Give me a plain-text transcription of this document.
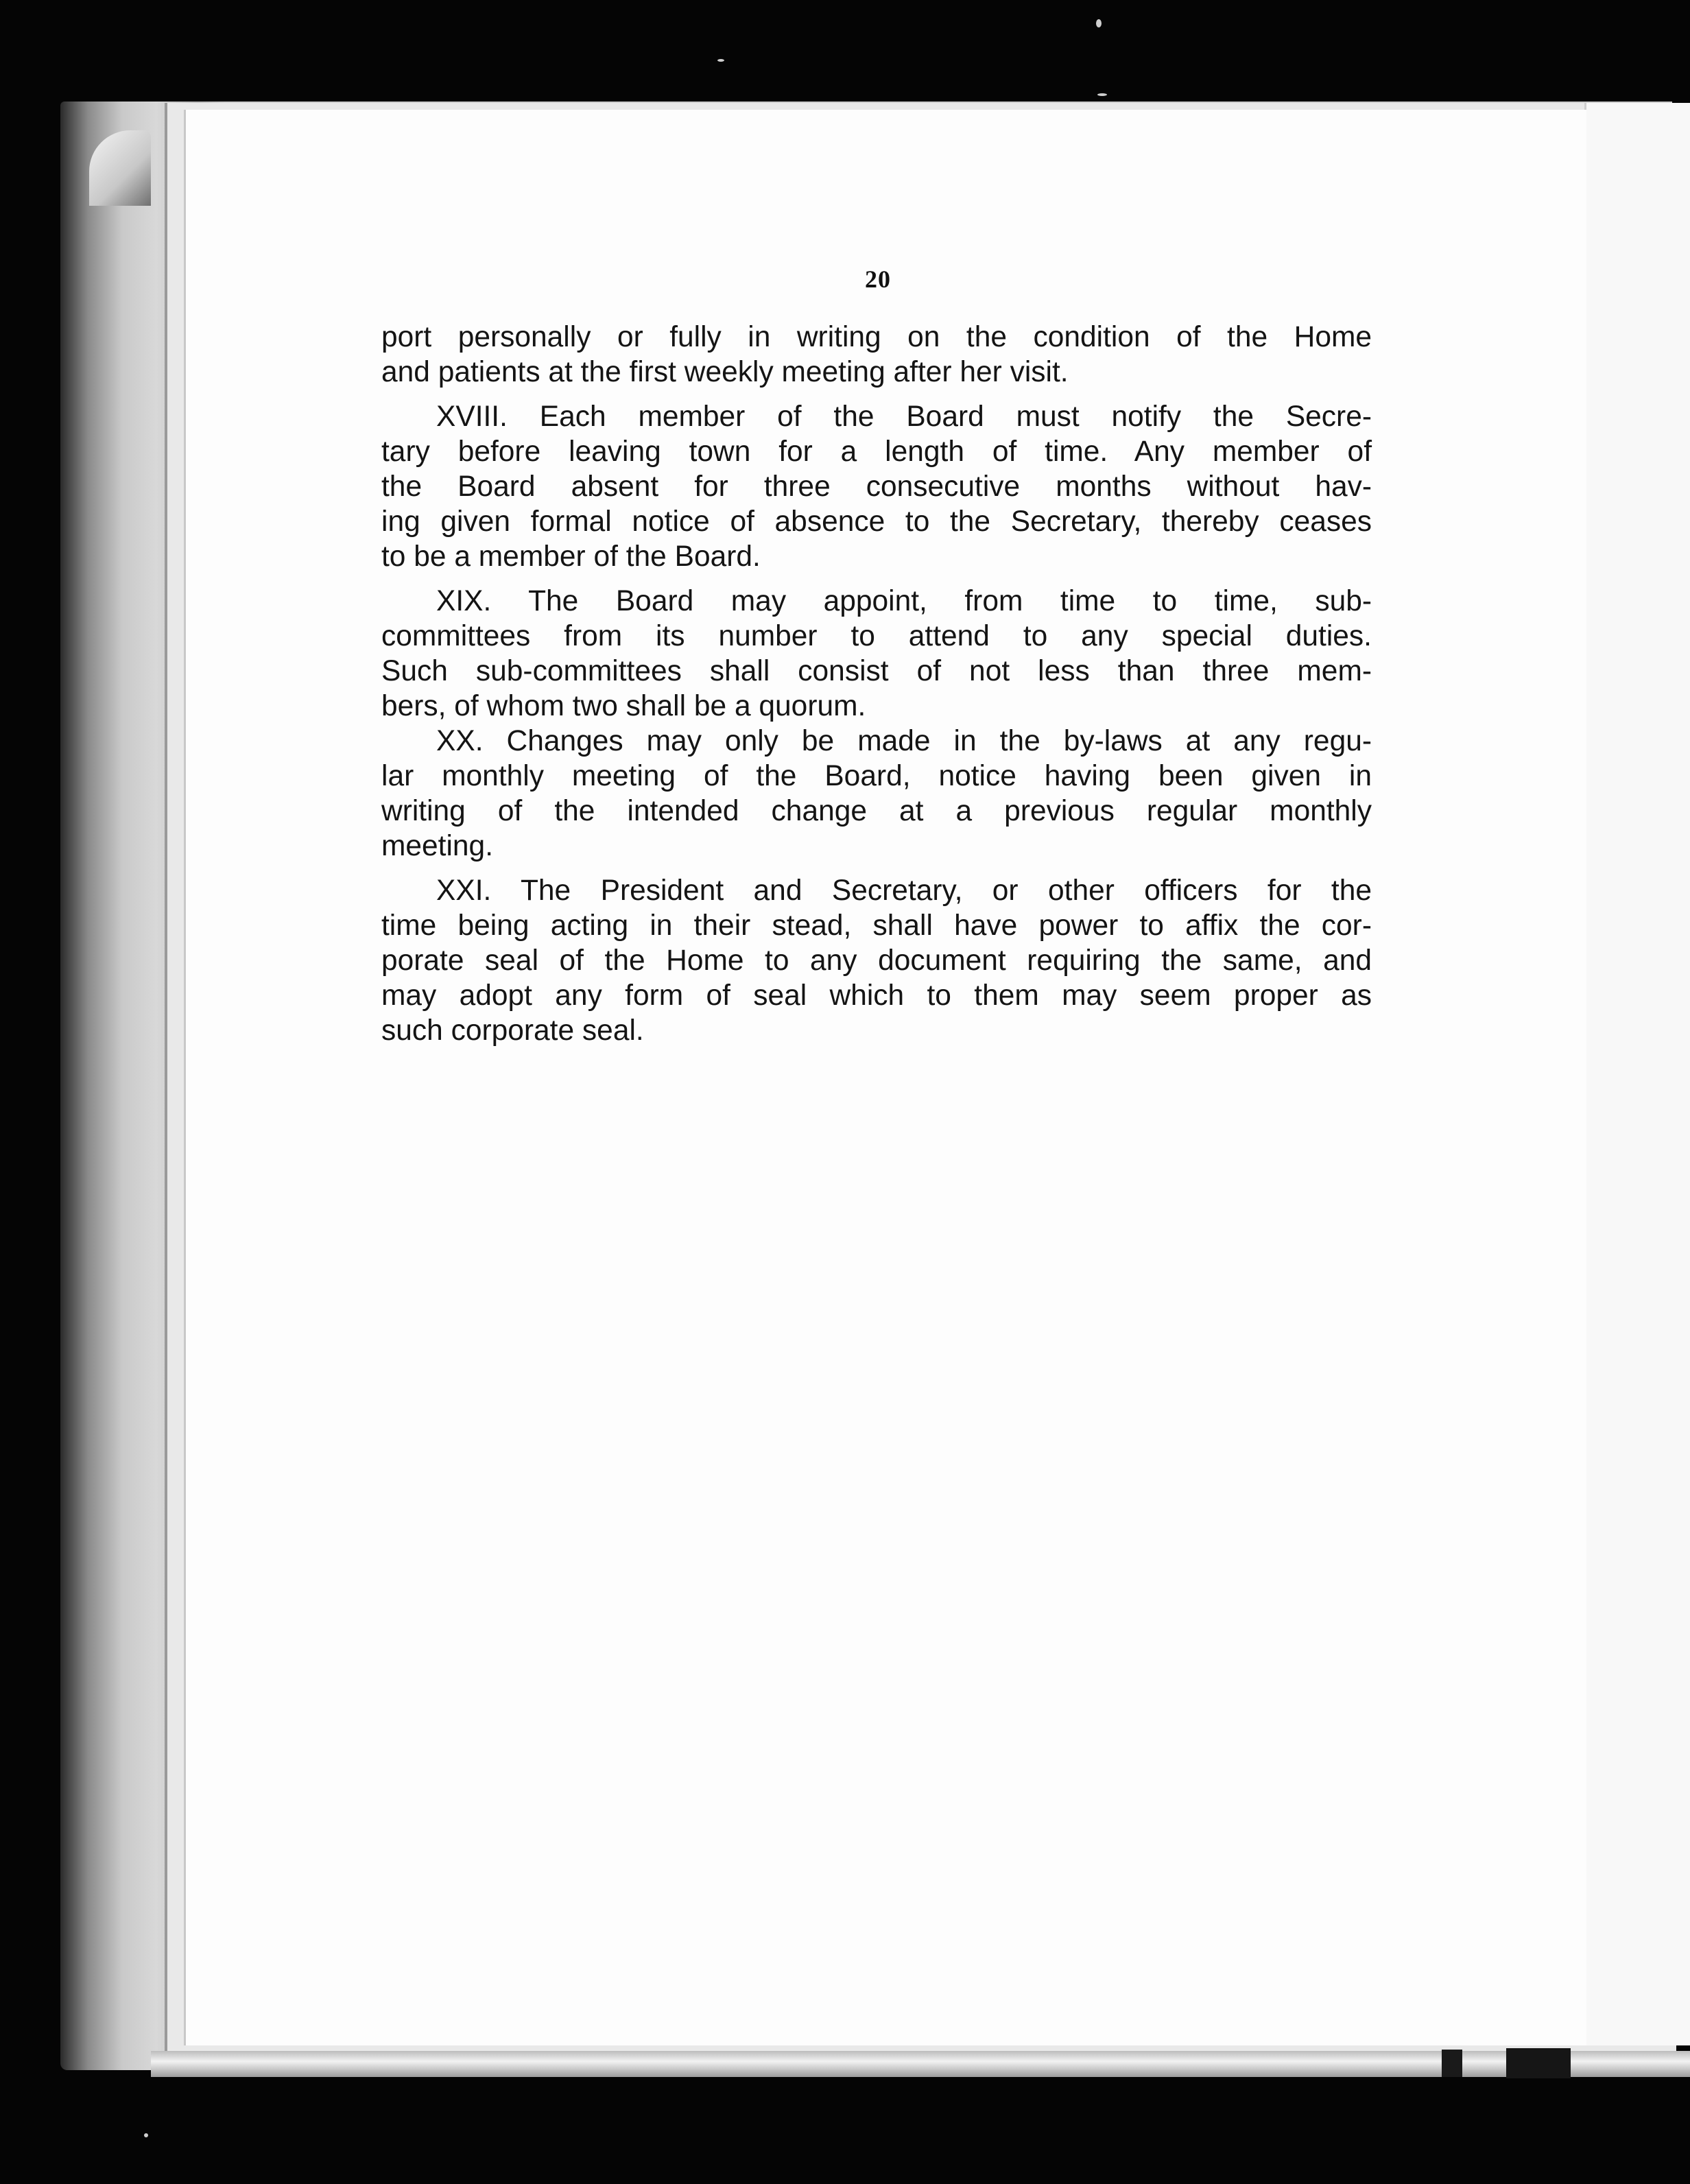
20

port personally or fully in writing on the condition of the Home
and patients at the first weekly meeting after her visit.

XVIII. Each member of the Board must notify the Secre-
tary before leaving town for a length of time. Any member of
the Board absent for three consecutive months without hav-
ing given formal notice of absence to the Secretary, thereby ceases
to be a member of the Board.

XIX. The Board may appoint, from time to time, sub-
committees from its number to attend to any special duties.
Such sub-committees shall consist of not less than three mem-
bers, of whom two shall be a quorum.

XX. Changes may only be made in the by-laws at any regu-
lar monthly meeting of the Board, notice having been given in
writing of the intended change at a previous regular monthly
meeting.

XXI. The President and Secretary, or other officers for the
time being acting in their stead, shall have power to affix the cor-
porate seal of the Home to any document requiring the same, and
may adopt any form of seal which to them may seem proper as
such corporate seal.
